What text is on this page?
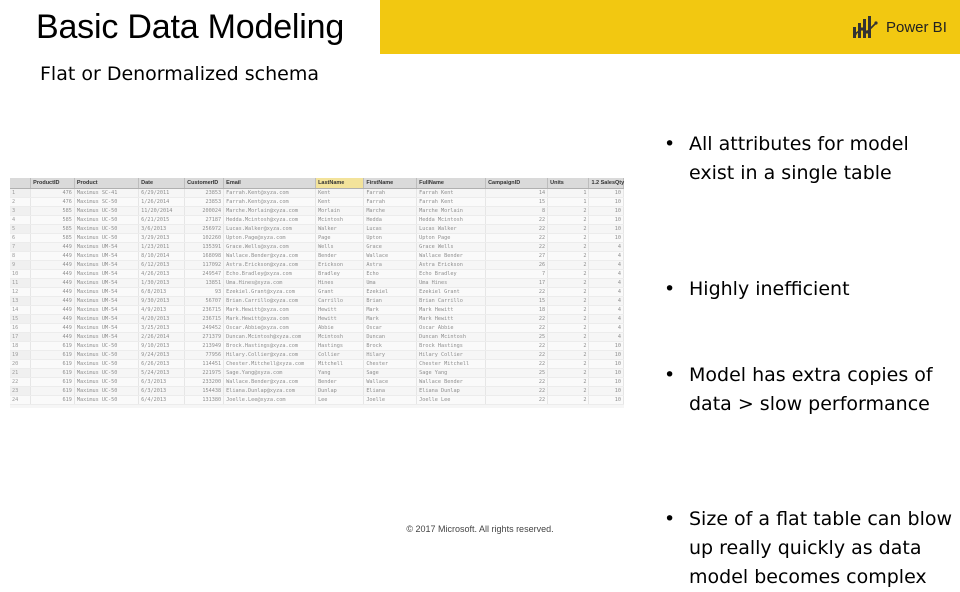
Basic Data Modeling	Power BI
Flat or Denormalized schema
	ProductID	Product	Date	CustomerID	Email	LastName	FirstName	FullName	CampaignID	Units	1.2 SalesQty
1	476	Maximus SC-41	6/29/2011	23853	Farrah.Kent@xyza.com	Kent	Farrah	Farrah Kent	14	1	10
2	476	Maximus SC-50	1/26/2014	23853	Farrah.Kent@xyza.com	Kent	Farrah	Farrah Kent	15	1	10
3	585	Maximus UC-50	11/20/2014	200024	Marche.Morlain@xyza.com	Morlain	Marche	Marche Morlain	8	2	10
4	585	Maximus UC-50	6/21/2015	27187	Hedda.Mcintosh@xyza.com	Mcintosh	Hedda	Hedda Mcintosh	22	2	10
5	585	Maximus UC-50	3/6/2013	256972	Lucas.Walker@xyza.com	Walker	Lucas	Lucas Walker	22	2	10
6	585	Maximus UC-50	3/29/2013	102260	Upton.Page@xyza.com	Page	Upton	Upton Page	22	2	10
7	449	Maximus UM-54	1/23/2011	135391	Grace.Wells@xyza.com	Wells	Grace	Grace Wells	22	2	4
8	449	Maximus UM-54	8/10/2014	168098	Wallace.Bender@xyza.com	Bender	Wallace	Wallace Bender	27	2	4
9	449	Maximus UM-54	6/12/2013	117092	Astra.Erickson@xyza.com	Erickson	Astra	Astra Erickson	26	2	4
10	449	Maximus UM-54	4/26/2013	249547	Echo.Bradley@xyza.com	Bradley	Echo	Echo Bradley	7	2	4
11	449	Maximus UM-54	1/30/2013	13851	Uma.Hines@xyza.com	Hines	Uma	Uma Hines	17	2	4
12	449	Maximus UM-54	6/8/2013	93	Ezekiel.Grant@xyza.com	Grant	Ezekiel	Ezekiel Grant	22	2	4
13	449	Maximus UM-54	9/30/2013	56707	Brian.Carrillo@xyza.com	Carrillo	Brian	Brian Carrillo	15	2	4
14	449	Maximus UM-54	4/9/2013	236715	Mark.Hewitt@xyza.com	Hewitt	Mark	Mark Hewitt	18	2	4
15	449	Maximus UM-54	4/20/2013	236715	Mark.Hewitt@xyza.com	Hewitt	Mark	Mark Hewitt	22	2	4
16	449	Maximus UM-54	3/25/2013	249452	Oscar.Abbie@xyza.com	Abbie	Oscar	Oscar Abbie	22	2	4
17	449	Maximus UM-54	2/26/2014	271379	Duncan.Mcintosh@xyza.com	Mcintosh	Duncan	Duncan Mcintosh	25	2	4
18	619	Maximus UC-50	9/10/2013	213949	Brock.Hastings@xyza.com	Hastings	Brock	Brock Hastings	22	2	10
19	619	Maximus UC-50	9/24/2013	77956	Hilary.Collier@xyza.com	Collier	Hilary	Hilary Collier	22	2	10
20	619	Maximus UC-50	6/26/2013	114451	Chester.Mitchell@xyza.com	Mitchell	Chester	Chester Mitchell	22	2	10
21	619	Maximus UC-50	5/24/2013	221975	Sage.Yang@xyza.com	Yang	Sage	Sage Yang	25	2	10
22	619	Maximus UC-50	6/3/2013	233200	Wallace.Bender@xyza.com	Bender	Wallace	Wallace Bender	22	2	10
23	619	Maximus UC-50	6/3/2013	154438	Eliana.Dunlap@xyza.com	Dunlap	Eliana	Eliana Dunlap	22	2	10
24	619	Maximus UC-50	6/4/2013	131380	Joelle.Lee@xyza.com	Lee	Joelle	Joelle Lee	22	2	10
• All attributes for model exist in a single table
• Highly inefficient
• Model has extra copies of data > slow performance
• Size of a flat table can blow up really quickly as data model becomes complex
© 2017 Microsoft. All rights reserved.
